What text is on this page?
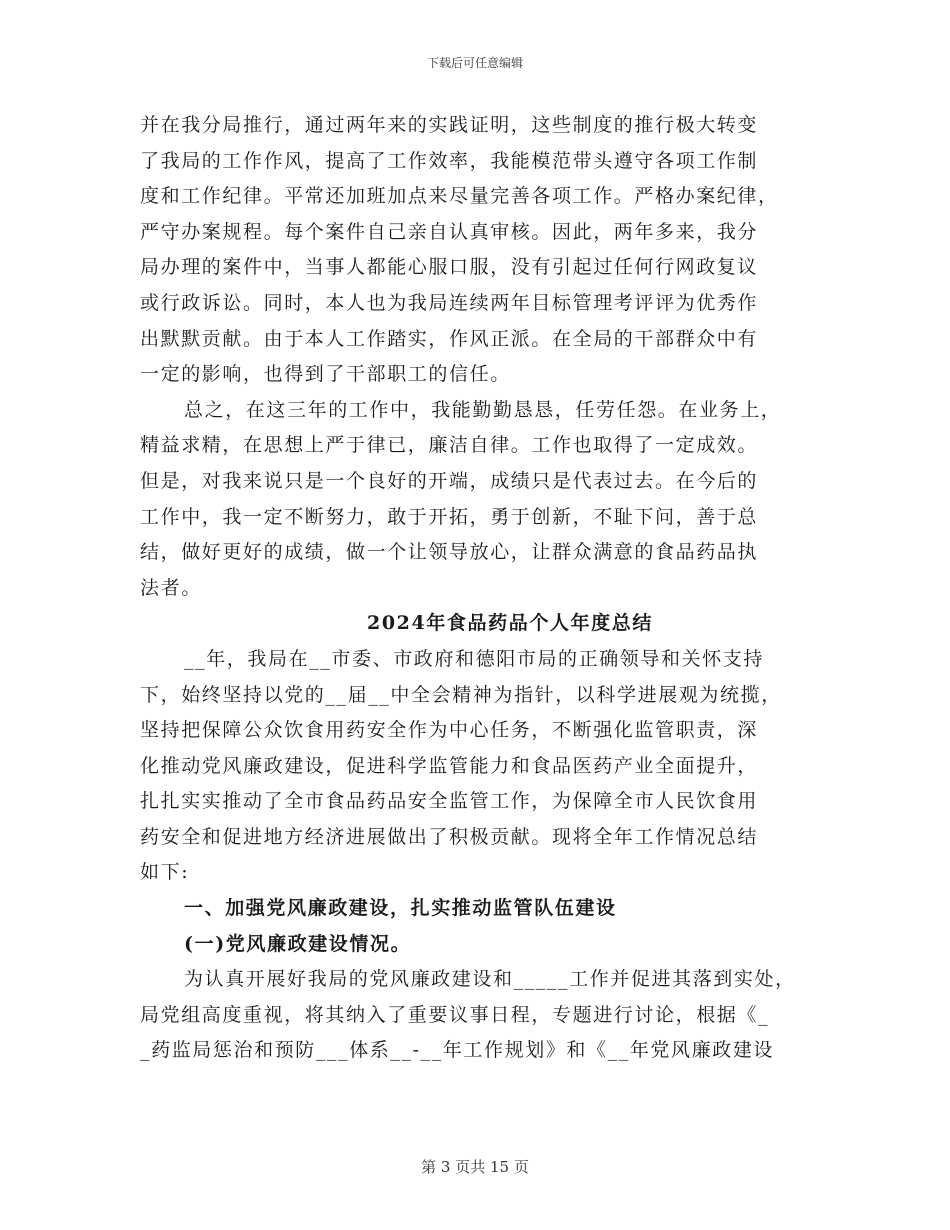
下载后可任意编辑
并在我分局推行，通过两年来的实践证明，这些制度的推行极大转变
了我局的工作作风，提高了工作效率，我能模范带头遵守各项工作制
度和工作纪律。平常还加班加点来尽量完善各项工作。严格办案纪律，
严守办案规程。每个案件自己亲自认真审核。因此，两年多来，我分
局办理的案件中，当事人都能心服口服，没有引起过任何行网政复议
或行政诉讼。同时，本人也为我局连续两年目标管理考评评为优秀作
出默默贡献。由于本人工作踏实，作风正派。在全局的干部群众中有
一定的影响，也得到了干部职工的信任。
总之，在这三年的工作中，我能勤勤恳恳，任劳任怨。在业务上，
精益求精，在思想上严于律已，廉洁自律。工作也取得了一定成效。
但是，对我来说只是一个良好的开端，成绩只是代表过去。在今后的
工作中，我一定不断努力，敢于开拓，勇于创新，不耻下问，善于总
结，做好更好的成绩，做一个让领导放心，让群众满意的食品药品执
法者。
2024年食品药品个人年度总结
__年，我局在__市委、市政府和德阳市局的正确领导和关怀支持
下，始终坚持以党的__届__中全会精神为指针，以科学进展观为统揽，
坚持把保障公众饮食用药安全作为中心任务，不断强化监管职责，深
化推动党风廉政建设，促进科学监管能力和食品医药产业全面提升，
扎扎实实推动了全市食品药品安全监管工作，为保障全市人民饮食用
药安全和促进地方经济进展做出了积极贡献。现将全年工作情况总结
如下:
一、加强党风廉政建设，扎实推动监管队伍建设
(一)党风廉政建设情况。
为认真开展好我局的党风廉政建设和_____工作并促进其落到实处，
局党组高度重视，将其纳入了重要议事日程，专题进行讨论，根据《_
_药监局惩治和预防___体系__-__年工作规划》和《__年党风廉政建设
第 3 页共 15 页
